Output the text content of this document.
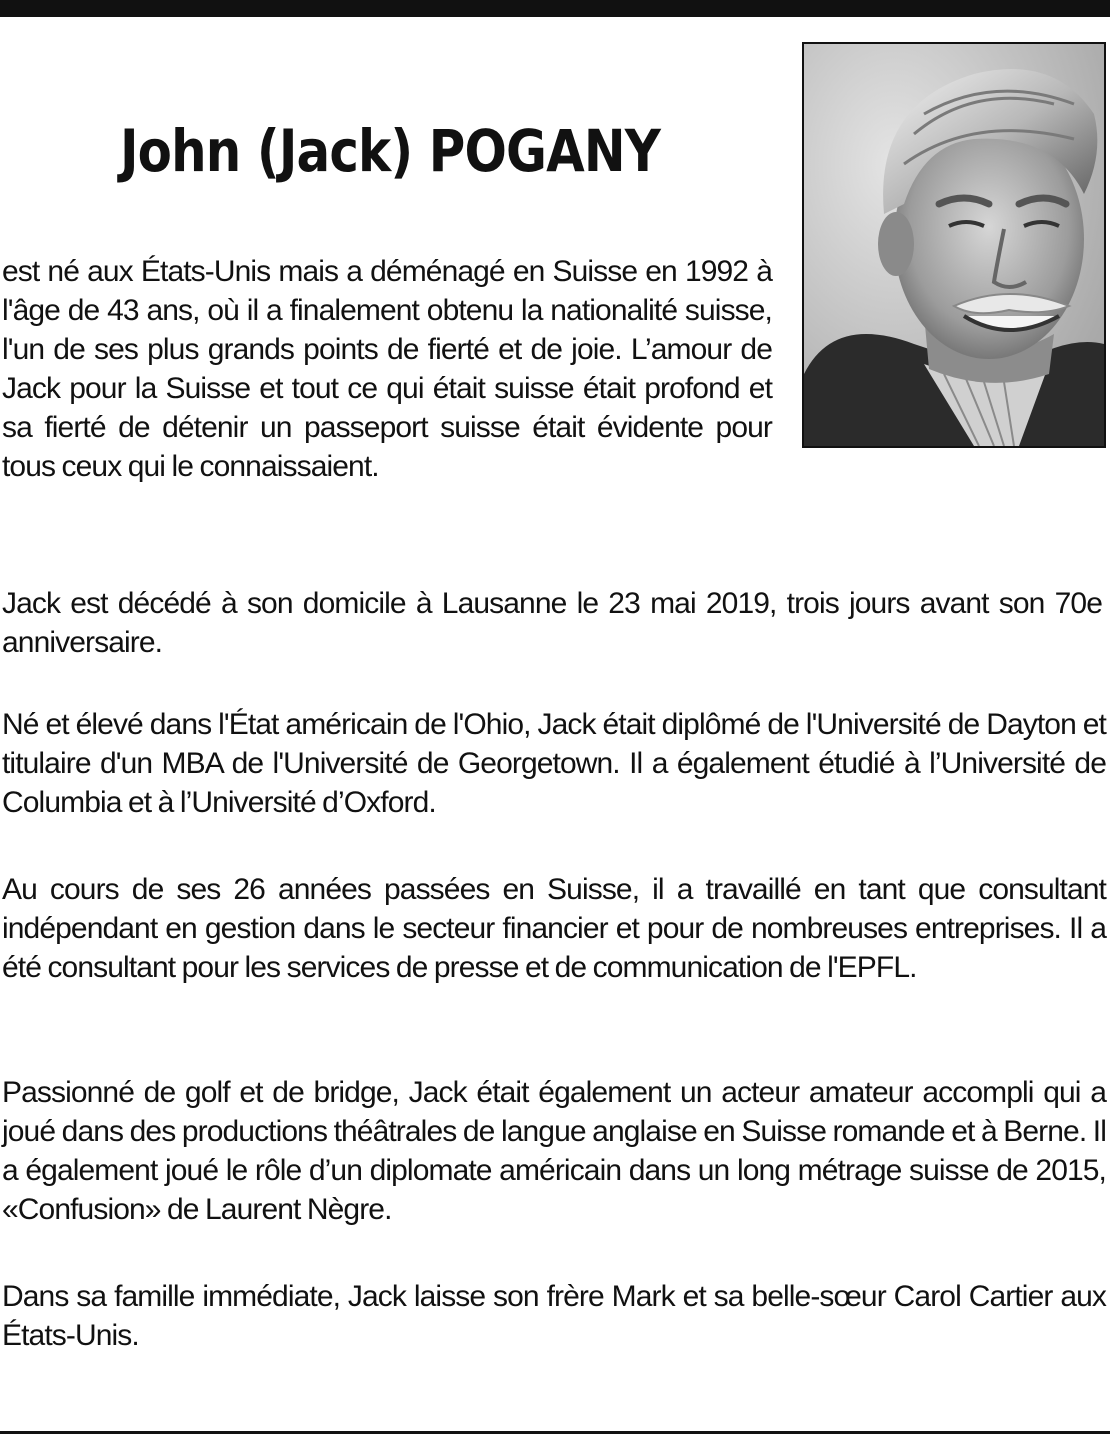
John (Jack) POGANY

est né aux États-Unis mais a déménagé en Suisse en 1992 à l'âge de 43 ans, où il a finalement obtenu la nationalité suisse, l'un de ses plus grands points de fierté et de joie. L’amour de Jack pour la Suisse et tout ce qui était suisse était profond et sa fierté de détenir un passeport suisse était évidente pour tous ceux qui le connaissaient.

Jack est décédé à son domicile à Lausanne le 23 mai 2019, trois jours avant son 70e anniversaire.

Né et élevé dans l'État américain de l'Ohio, Jack était diplômé de l'Université de Dayton et titulaire d'un MBA de l'Université de Georgetown. Il a également étudié à l’Université de Columbia et à l’Université d’Oxford.

Au cours de ses 26 années passées en Suisse, il a travaillé en tant que consultant indépendant en gestion dans le secteur financier et pour de nombreuses entreprises. Il a été consultant pour les services de presse et de communication de l'EPFL.

Passionné de golf et de bridge, Jack était également un acteur amateur accompli qui a joué dans des productions théâtrales de langue anglaise en Suisse romande et à Berne. Il a également joué le rôle d’un diplomate américain dans un long métrage suisse de 2015, «Confusion» de Laurent Nègre.

Dans sa famille immédiate, Jack laisse son frère Mark et sa belle-sœur Carol Cartier aux États-Unis.
